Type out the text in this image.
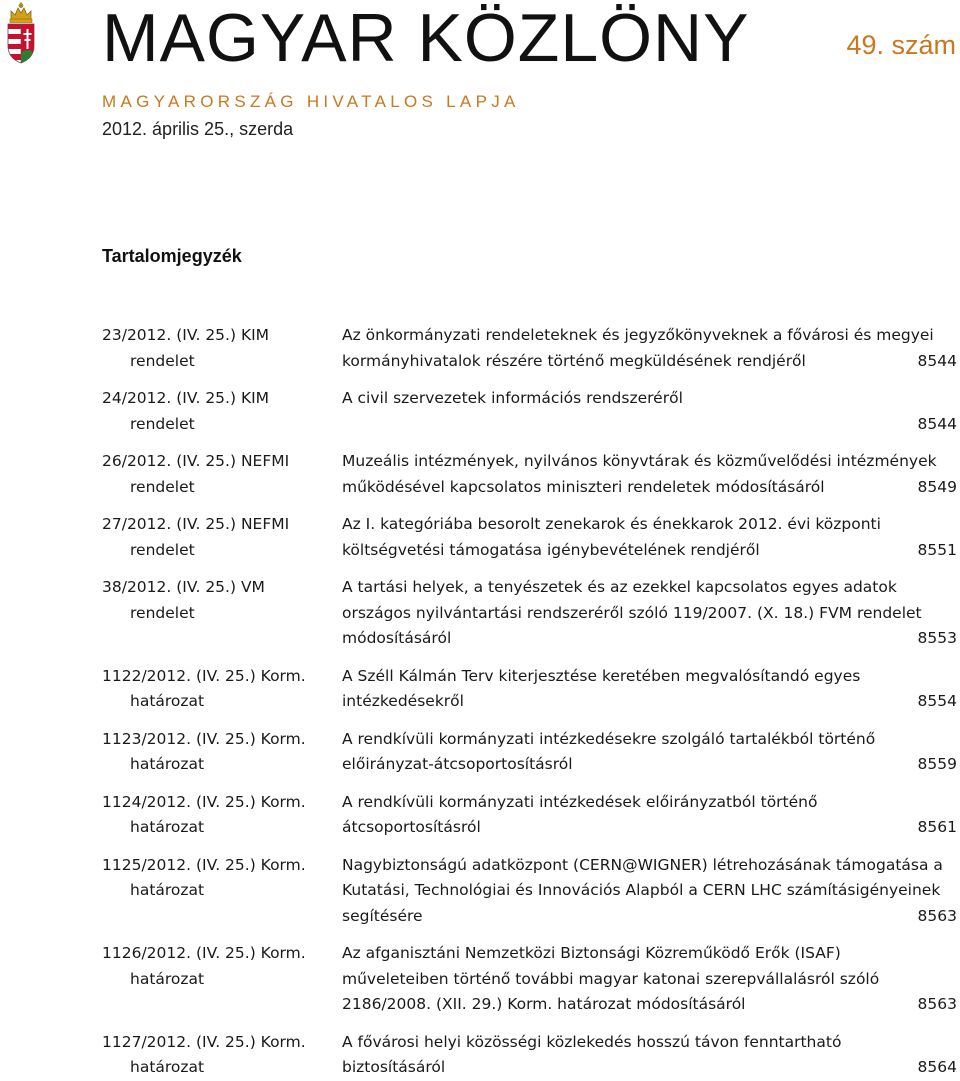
MAGYAR KÖZLÖNY	49. szám
MAGYARORSZÁG HIVATALOS LAPJA
2012. április 25., szerda
Tartalomjegyzék
23/2012. (IV. 25.) KIM
rendelet
Az önkormányzati rendeleteknek és jegyzőkönyveknek a fővárosi és megyei
kormányhivatalok részére történő megküldésének rendjéről	8544
24/2012. (IV. 25.) KIM
rendelet
A civil szervezetek információs rendszeréről
8544
26/2012. (IV. 25.) NEFMI
rendelet
Muzeális intézmények, nyilvános könyvtárak és közművelődési intézmények
működésével kapcsolatos miniszteri rendeletek módosításáról	8549
27/2012. (IV. 25.) NEFMI
rendelet
Az I. kategóriába besorolt zenekarok és énekkarok 2012. évi központi
költségvetési támogatása igénybevételének rendjéről	8551
38/2012. (IV. 25.) VM
rendelet
A tartási helyek, a tenyészetek és az ezekkel kapcsolatos egyes adatok
országos nyilvántartási rendszeréről szóló 119/2007. (X. 18.) FVM rendelet
módosításáról	8553
1122/2012. (IV. 25.) Korm.
határozat
A Széll Kálmán Terv kiterjesztése keretében megvalósítandó egyes
intézkedésekről	8554
1123/2012. (IV. 25.) Korm.
határozat
A rendkívüli kormányzati intézkedésekre szolgáló tartalékból történő
előirányzat-átcsoportosításról	8559
1124/2012. (IV. 25.) Korm.
határozat
A rendkívüli kormányzati intézkedések előirányzatból történő
átcsoportosításról	8561
1125/2012. (IV. 25.) Korm.
határozat
Nagybiztonságú adatközpont (CERN@WIGNER) létrehozásának támogatása a
Kutatási, Technológiai és Innovációs Alapból a CERN LHC számításigényeinek
segítésére	8563
1126/2012. (IV. 25.) Korm.
határozat
Az afganisztáni Nemzetközi Biztonsági Közreműködő Erők (ISAF)
műveleteiben történő további magyar katonai szerepvállalásról szóló
2186/2008. (XII. 29.) Korm. határozat módosításáról	8563
1127/2012. (IV. 25.) Korm.
határozat
A fővárosi helyi közösségi közlekedés hosszú távon fenntartható
biztosításáról	8564
